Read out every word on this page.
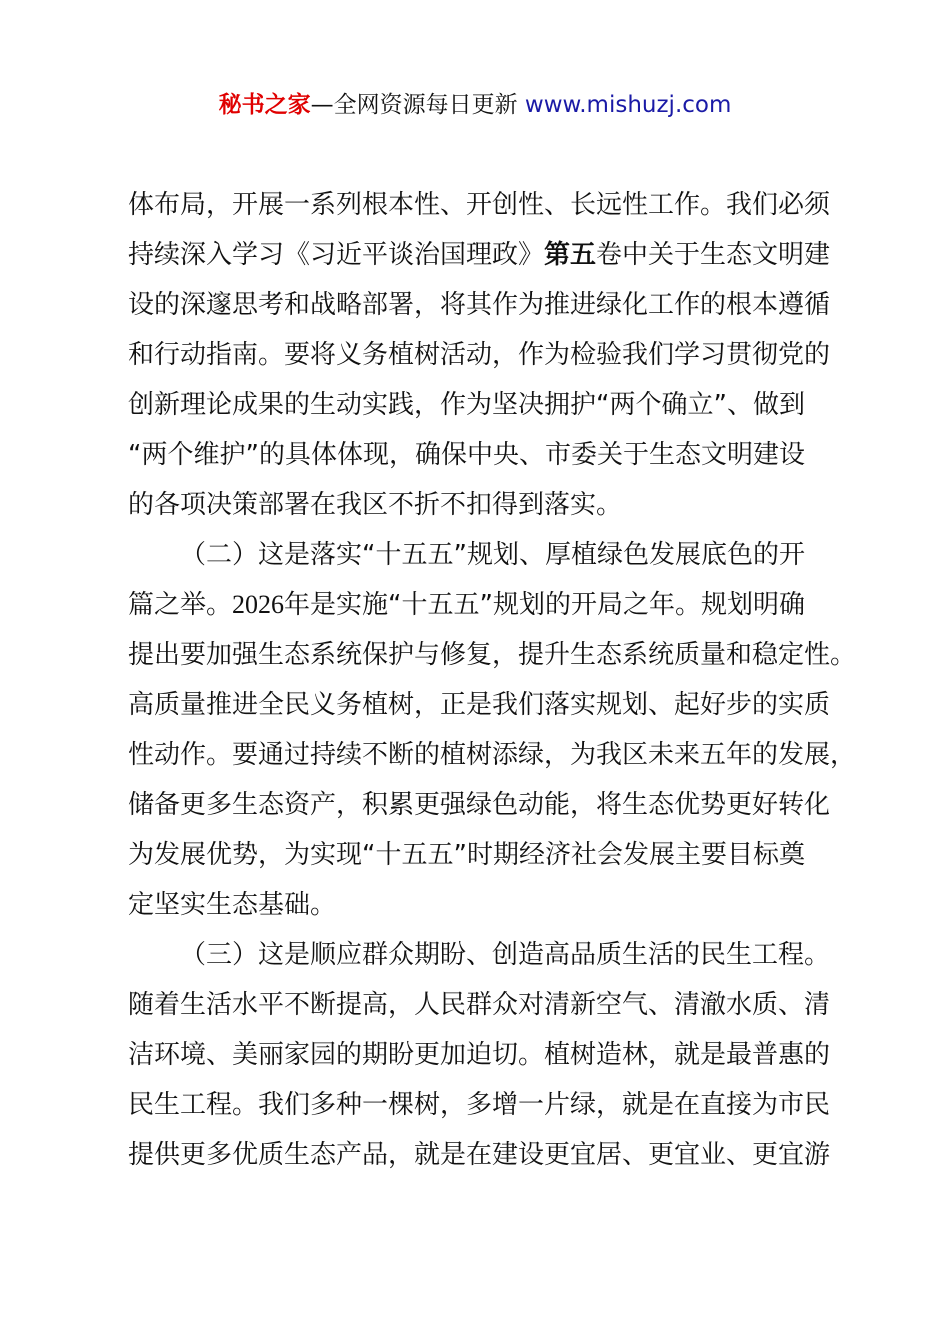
秘书之家—全网资源每日更新 www.mishuzj.com
体布局，开展一系列根本性、开创性、长远性工作。我们必须
持续深入学习《习近平谈治国理政》第五卷中关于生态文明建
设的深邃思考和战略部署，将其作为推进绿化工作的根本遵循
和行动指南。要将义务植树活动，作为检验我们学习贯彻党的
创新理论成果的生动实践，作为坚决拥护“两个确立”、做到
“两个维护”的具体体现，确保中央、市委关于生态文明建设
的各项决策部署在我区不折不扣得到落实。
（二）这是落实“十五五”规划、厚植绿色发展底色的开
篇之举。2026年是实施“十五五”规划的开局之年。规划明确
提出要加强生态系统保护与修复，提升生态系统质量和稳定性。
高质量推进全民义务植树，正是我们落实规划、起好步的实质
性动作。要通过持续不断的植树添绿，为我区未来五年的发展，
储备更多生态资产，积累更强绿色动能，将生态优势更好转化
为发展优势，为实现“十五五”时期经济社会发展主要目标奠
定坚实生态基础。
（三）这是顺应群众期盼、创造高品质生活的民生工程。
随着生活水平不断提高，人民群众对清新空气、清澈水质、清
洁环境、美丽家园的期盼更加迫切。植树造林，就是最普惠的
民生工程。我们多种一棵树，多增一片绿，就是在直接为市民
提供更多优质生态产品，就是在建设更宜居、更宜业、更宜游
